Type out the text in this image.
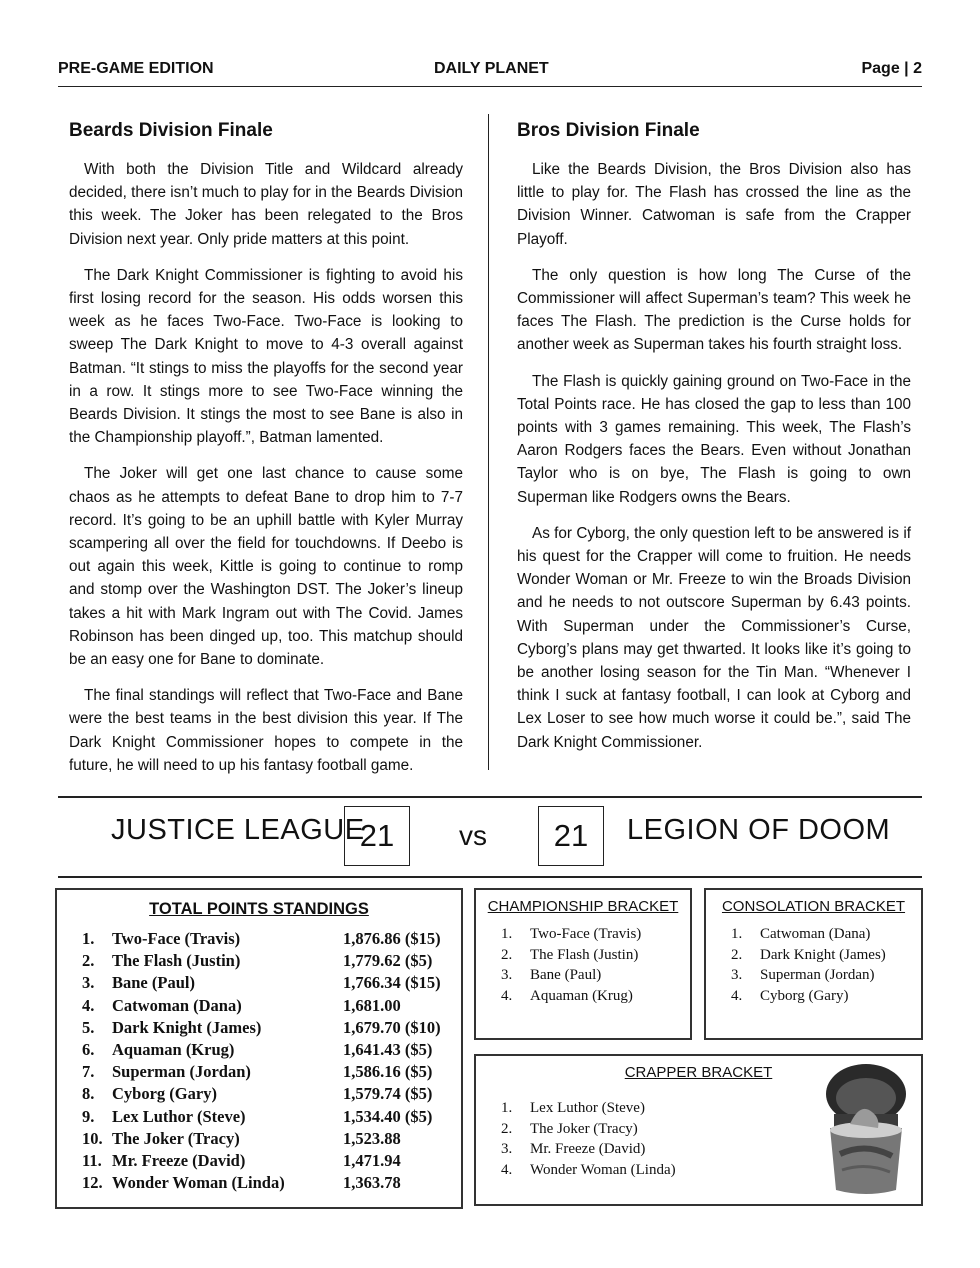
PRE-GAME EDITION	DAILY PLANET	Page | 2
Beards Division Finale

With both the Division Title and Wildcard already decided, there isn’t much to play for in the Beards Division this week. The Joker has been relegated to the Bros Division next year. Only pride matters at this point.

The Dark Knight Commissioner is fighting to avoid his first losing record for the season. His odds worsen this week as he faces Two-Face. Two-Face is looking to sweep The Dark Knight to move to 4-3 overall against Batman. “It stings to miss the playoffs for the second year in a row. It stings more to see Two-Face winning the Beards Division. It stings the most to see Bane is also in the Championship playoff.”, Batman lamented.

The Joker will get one last chance to cause some chaos as he attempts to defeat Bane to drop him to 7-7 record. It’s going to be an uphill battle with Kyler Murray scampering all over the field for touchdowns. If Deebo is out again this week, Kittle is going to continue to romp and stomp over the Washington DST. The Joker’s lineup takes a hit with Mark Ingram out with The Covid. James Robinson has been dinged up, too. This matchup should be an easy one for Bane to dominate.

The final standings will reflect that Two-Face and Bane were the best teams in the best division this year. If The Dark Knight Commissioner hopes to compete in the future, he will need to up his fantasy football game.

Bros Division Finale

Like the Beards Division, the Bros Division also has little to play for. The Flash has crossed the line as the Division Winner. Catwoman is safe from the Crapper Playoff.

The only question is how long The Curse of the Commissioner will affect Superman’s team? This week he faces The Flash. The prediction is the Curse holds for another week as Superman takes his fourth straight loss.

The Flash is quickly gaining ground on Two-Face in the Total Points race. He has closed the gap to less than 100 points with 3 games remaining. This week, The Flash’s Aaron Rodgers faces the Bears. Even without Jonathan Taylor who is on bye, The Flash is going to own Superman like Rodgers owns the Bears.

As for Cyborg, the only question left to be answered is if his quest for the Crapper will come to fruition. He needs Wonder Woman or Mr. Freeze to win the Broads Division and he needs to not outscore Superman by 6.43 points. With Superman under the Commissioner’s Curse, Cyborg’s plans may get thwarted. It looks like it’s going to be another losing season for the Tin Man. “Whenever I think I suck at fantasy football, I can look at Cyborg and Lex Loser to see how much worse it could be.”, said The Dark Knight Commissioner.

JUSTICE LEAGUE
21	vs	21	LEGION OF DOOM
TOTAL POINTS STANDINGS
1. Two-Face (Travis)	1,876.86 ($15)
2. The Flash (Justin)	1,779.62 ($5)
3. Bane (Paul)	1,766.34 ($15)
4. Catwoman (Dana)	1,681.00
5. Dark Knight (James)	1,679.70 ($10)
6. Aquaman (Krug)	1,641.43 ($5)
7. Superman (Jordan)	1,586.16 ($5)
8. Cyborg (Gary)	1,579.74 ($5)
9. Lex Luthor (Steve)	1,534.40 ($5)
10. The Joker (Tracy)	1,523.88
11. Mr. Freeze (David)	1,471.94
12. Wonder Woman (Linda)	1,363.78
CHAMPIONSHIP BRACKET
1. Two-Face (Travis)
2. The Flash (Justin)
3. Bane (Paul)
4. Aquaman (Krug)
CONSOLATION BRACKET
1. Catwoman (Dana)
2. Dark Knight (James)
3. Superman (Jordan)
4. Cyborg (Gary)
CRAPPER BRACKET
1. Lex Luthor (Steve)
2. The Joker (Tracy)
3. Mr. Freeze (David)
4. Wonder Woman (Linda)
